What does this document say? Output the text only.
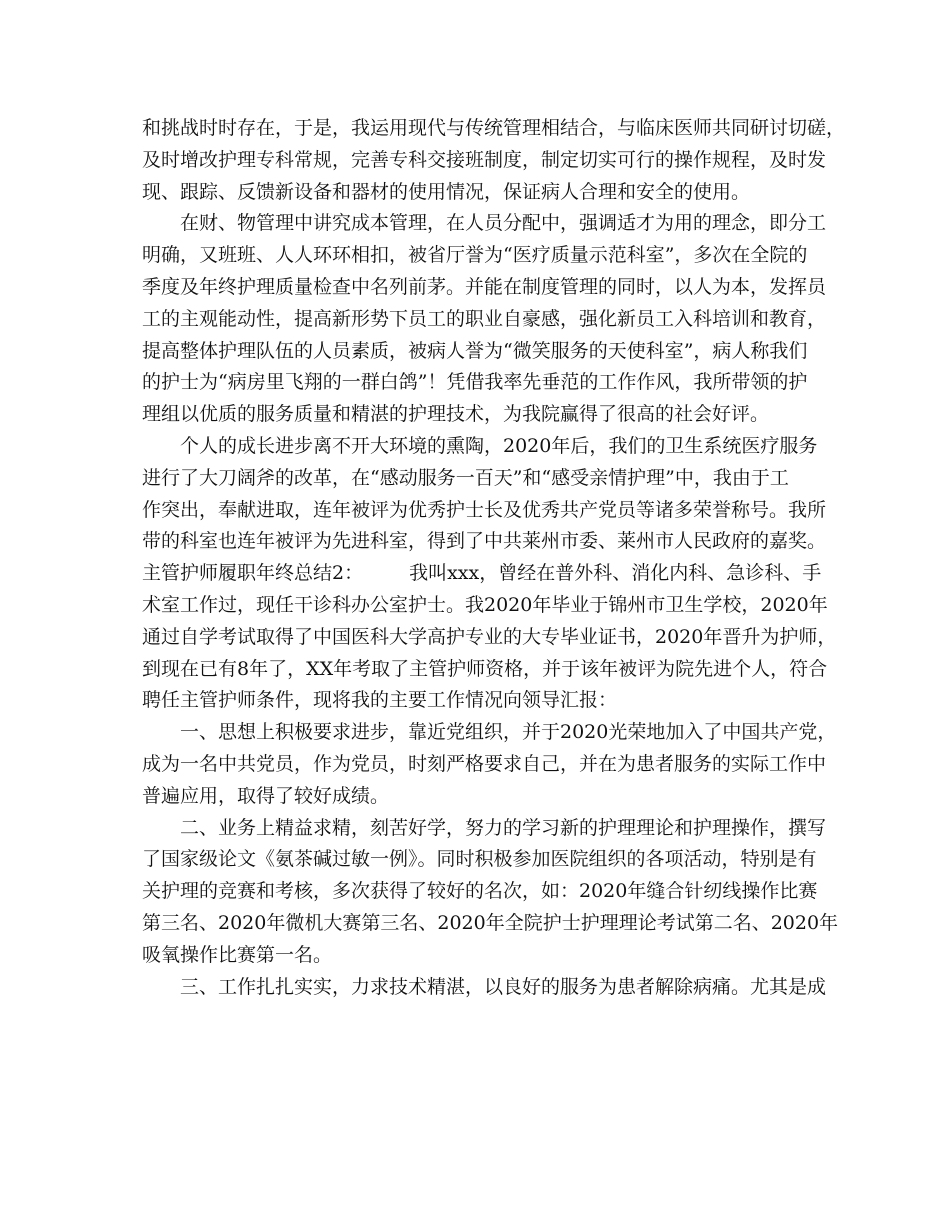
和挑战时时存在，于是，我运用现代与传统管理相结合，与临床医师共同研讨切磋，
及时增改护理专科常规，完善专科交接班制度，制定切实可行的操作规程，及时发
现、跟踪、反馈新设备和器材的使用情况，保证病人合理和安全的使用。
在财、物管理中讲究成本管理，在人员分配中，强调适才为用的理念，即分工
明确，又班班、人人环环相扣，被省厅誉为“医疗质量示范科室”，多次在全院的
季度及年终护理质量检查中名列前茅。并能在制度管理的同时，以人为本，发挥员
工的主观能动性，提高新形势下员工的职业自豪感，强化新员工入科培训和教育，
提高整体护理队伍的人员素质，被病人誉为“微笑服务的天使科室”，病人称我们
的护士为“病房里飞翔的一群白鸽”！凭借我率先垂范的工作作风，我所带领的护
理组以优质的服务质量和精湛的护理技术，为我院赢得了很高的社会好评。
个人的成长进步离不开大环境的熏陶，2020年后，我们的卫生系统医疗服务
进行了大刀阔斧的改革，在“感动服务一百天”和“感受亲情护理”中，我由于工
作突出，奉献进取，连年被评为优秀护士长及优秀共产党员等诸多荣誉称号。我所
带的科室也连年被评为先进科室，得到了中共莱州市委、莱州市人民政府的嘉奖。
主管护师履职年终总结2： 我叫xxx，曾经在普外科、消化内科、急诊科、手
术室工作过，现任干诊科办公室护士。我2020年毕业于锦州市卫生学校，2020年
通过自学考试取得了中国医科大学高护专业的大专毕业证书，2020年晋升为护师，
到现在已有8年了，XX年考取了主管护师资格，并于该年被评为院先进个人，符合
聘任主管护师条件，现将我的主要工作情况向领导汇报：
一、思想上积极要求进步，靠近党组织，并于2020光荣地加入了中国共产党，
成为一名中共党员，作为党员，时刻严格要求自己，并在为患者服务的实际工作中
普遍应用，取得了较好成绩。
二、业务上精益求精，刻苦好学，努力的学习新的护理理论和护理操作，撰写
了国家级论文《氨茶碱过敏一例》。同时积极参加医院组织的各项活动，特别是有
关护理的竞赛和考核，多次获得了较好的名次，如：2020年缝合针纫线操作比赛
第三名、2020年微机大赛第三名、2020年全院护士护理理论考试第二名、2020年
吸氧操作比赛第一名。
三、工作扎扎实实，力求技术精湛，以良好的服务为患者解除病痛。尤其是成
